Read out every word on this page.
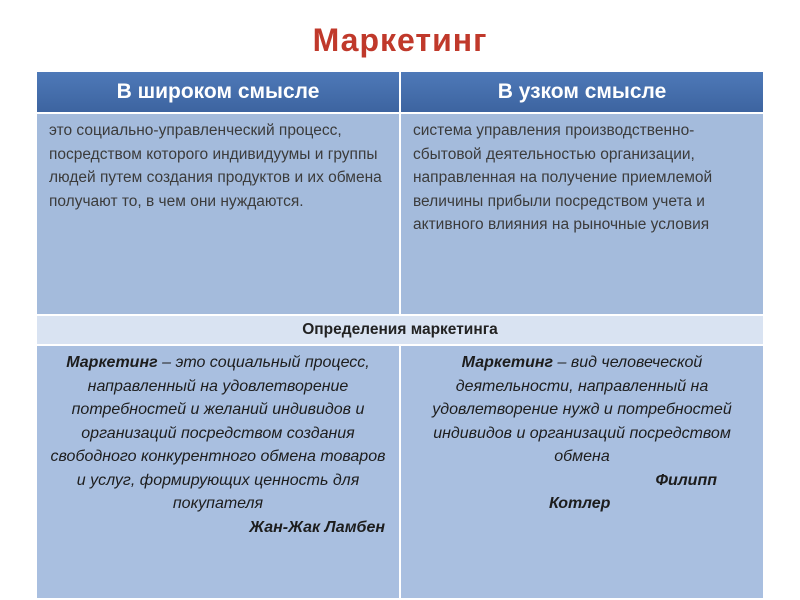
Маркетинг
В широком смысле	В узком смысле
это социально-управленческий процесс, посредством которого индивидуумы и группы людей путем создания продуктов и их обмена получают то, в чем они нуждаются.
система управления производственно-сбытовой деятельностью организации, направленная на получение приемлемой величины прибыли посредством учета и активного влияния на рыночные условия
Определения маркетинга
Маркетинг – это социальный процесс, направленный на удовлетворение потребностей и желаний индивидов и организаций посредством создания свободного конкурентного обмена товаров и услуг, формирующих ценность для покупателя
Жан-Жак Ламбен
Маркетинг – вид человеческой деятельности, направленный на удовлетворение нужд и потребностей индивидов и организаций посредством обмена
Филипп
Котлер
